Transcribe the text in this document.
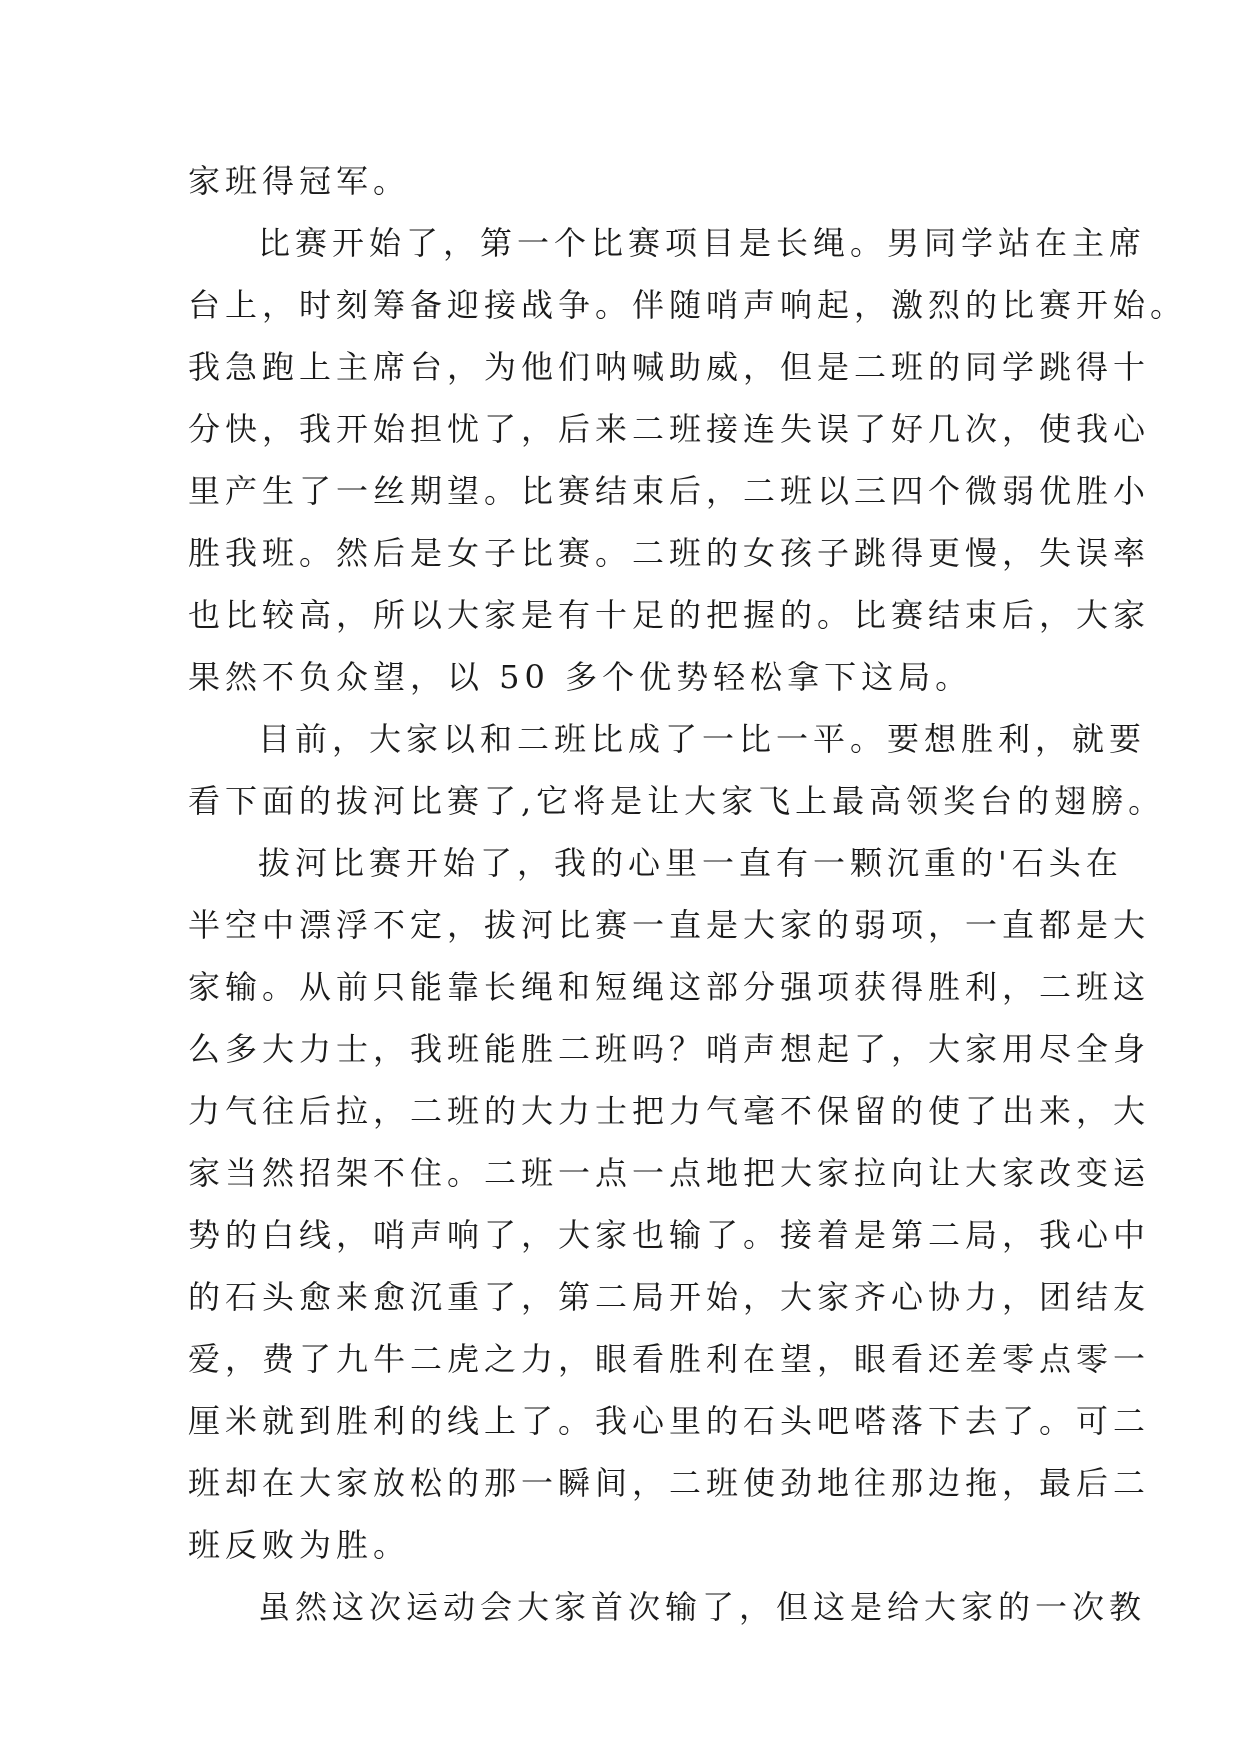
家班得冠军。
比赛开始了，第一个比赛项目是长绳。男同学站在主席
台上，时刻筹备迎接战争。伴随哨声响起，激烈的比赛开始。
我急跑上主席台，为他们呐喊助威，但是二班的同学跳得十
分快，我开始担忧了，后来二班接连失误了好几次，使我心
里产生了一丝期望。比赛结束后，二班以三四个微弱优胜小
胜我班。然后是女子比赛。二班的女孩子跳得更慢，失误率
也比较高，所以大家是有十足的把握的。比赛结束后，大家
果然不负众望，以 50 多个优势轻松拿下这局。
目前，大家以和二班比成了一比一平。要想胜利，就要
看下面的拔河比赛了,它将是让大家飞上最高领奖台的翅膀。
拔河比赛开始了，我的心里一直有一颗沉重的'石头在
半空中漂浮不定，拔河比赛一直是大家的弱项，一直都是大
家输。从前只能靠长绳和短绳这部分强项获得胜利，二班这
么多大力士，我班能胜二班吗？哨声想起了，大家用尽全身
力气往后拉，二班的大力士把力气毫不保留的使了出来，大
家当然招架不住。二班一点一点地把大家拉向让大家改变运
势的白线，哨声响了，大家也输了。接着是第二局，我心中
的石头愈来愈沉重了，第二局开始，大家齐心协力，团结友
爱，费了九牛二虎之力，眼看胜利在望，眼看还差零点零一
厘米就到胜利的线上了。我心里的石头吧嗒落下去了。可二
班却在大家放松的那一瞬间，二班使劲地往那边拖，最后二
班反败为胜。
虽然这次运动会大家首次输了，但这是给大家的一次教
